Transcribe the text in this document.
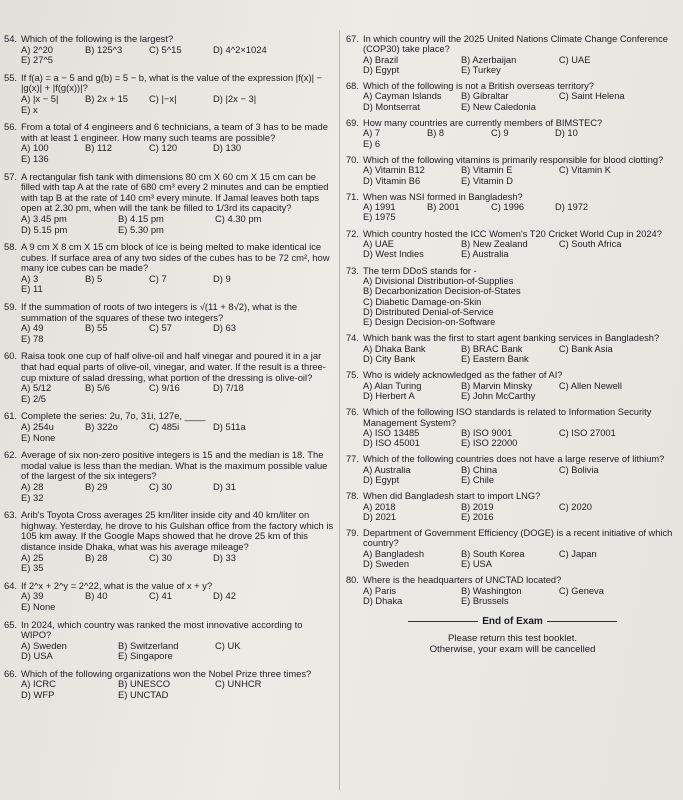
54. Which of the following is the largest?
A) 2^20	B) 125^3	C) 5^15	D) 4^2×1024
E) 27^5
55. If f(a) = a − 5 and g(b) = 5 − b, what is the value of the expression |f(x)| − |g(x)| + |f(g(x))|?
A) |x − 5|	B) 2x + 15	C) |−x|	D) |2x − 3|
E) x
56. From a total of 4 engineers and 6 technicians, a team of 3 has to be made with at least 1 engineer. How many such teams are possible?
A) 100	B) 112	C) 120	D) 130
E) 136
57. A rectangular fish tank with dimensions 80 cm X 60 cm X 15 cm can be filled with tap A at the rate of 680 cm³ every 2 minutes and can be emptied with tap B at the rate of 140 cm³ every minute. If Jamal leaves both taps open at 2.30 pm, when will the tank be filled to 1/3rd its capacity?
A) 3.45 pm	B) 4.15 pm	C) 4.30 pm
D) 5.15 pm	E) 5.30 pm
58. A 9 cm X 8 cm X 15 cm block of ice is being melted to make identical ice cubes. If surface area of any two sides of the cubes has to be 72 cm², how many ice cubes can be made?
A) 3	B) 5	C) 7	D) 9
E) 11
59. If the summation of roots of two integers is √(11 + 8√2), what is the summation of the squares of these two integers?
A) 49	B) 55	C) 57	D) 63
E) 78
60. Raisa took one cup of half olive-oil and half vinegar and poured it in a jar that had equal parts of olive-oil, vinegar, and water. If the result is a three-cup mixture of salad dressing, what portion of the dressing is olive-oil?
A) 5/12	B) 5/6	C) 9/16	D) 7/18
E) 2/5
61. Complete the series: 2u, 7o, 31i, 127e, ____
A) 254u	B) 322o	C) 485i	D) 511a
E) None
62. Average of six non-zero positive integers is 15 and the median is 18. The modal value is less than the median. What is the maximum possible value of the largest of the six integers?
A) 28	B) 29	C) 30	D) 31
E) 32
63. Arib's Toyota Cross averages 25 km/liter inside city and 40 km/liter on highway. Yesterday, he drove to his Gulshan office from the factory which is 105 km away. If the Google Maps showed that he drove 25 km of this distance inside Dhaka, what was his average mileage?
A) 25	B) 28	C) 30	D) 33
E) 35
64. If 2^x + 2^y = 2^22, what is the value of x + y?
A) 39	B) 40	C) 41	D) 42
E) None
65. In 2024, which country was ranked the most innovative according to WIPO?
A) Sweden	B) Switzerland	C) UK
D) USA	E) Singapore
66. Which of the following organizations won the Nobel Prize three times?
A) ICRC	B) UNESCO	C) UNHCR
D) WFP	E) UNCTAD
67. In which country will the 2025 United Nations Climate Change Conference (COP30) take place?
A) Brazil	B) Azerbaijan	C) UAE
D) Egypt	E) Turkey
68. Which of the following is not a British overseas territory?
A) Cayman Islands	B) Gibraltar	C) Saint Helena
D) Montserrat	E) New Caledonia
69. How many countries are currently members of BIMSTEC?
A) 7	B) 8	C) 9	D) 10
E) 6
70. Which of the following vitamins is primarily responsible for blood clotting?
A) Vitamin B12	B) Vitamin E	C) Vitamin K
D) Vitamin B6	E) Vitamin D
71. When was NSI formed in Bangladesh?
A) 1991	B) 2001	C) 1996	D) 1972
E) 1975
72. Which country hosted the ICC Women's T20 Cricket World Cup in 2024?
A) UAE	B) New Zealand	C) South Africa
D) West Indies	E) Australia
73. The term DDoS stands for -
A) Divisional Distribution-of-Supplies
B) Decarbonization Decision-of-States
C) Diabetic Damage-on-Skin
D) Distributed Denial-of-Service
E) Design Decision-on-Software
74. Which bank was the first to start agent banking services in Bangladesh?
A) Dhaka Bank	B) BRAC Bank	C) Bank Asia
D) City Bank	E) Eastern Bank
75. Who is widely acknowledged as the father of AI?
A) Alan Turing	B) Marvin Minsky	C) Allen Newell
D) Herbert A	E) John McCarthy
76. Which of the following ISO standards is related to Information Security Management System?
A) ISO 13485	B) ISO 9001	C) ISO 27001
D) ISO 45001	E) ISO 22000
77. Which of the following countries does not have a large reserve of lithium?
A) Australia	B) China	C) Bolivia
D) Egypt	E) Chile
78. When did Bangladesh start to import LNG?
A) 2018	B) 2019	C) 2020
D) 2021	E) 2016
79. Department of Government Efficiency (DOGE) is a recent initiative of which country?
A) Bangladesh	B) South Korea	C) Japan
D) Sweden	E) USA
80. Where is the headquarters of UNCTAD located?
A) Paris	B) Washington	C) Geneva
D) Dhaka	E) Brussels
End of Exam
Please return this test booklet.
Otherwise, your exam will be cancelled
